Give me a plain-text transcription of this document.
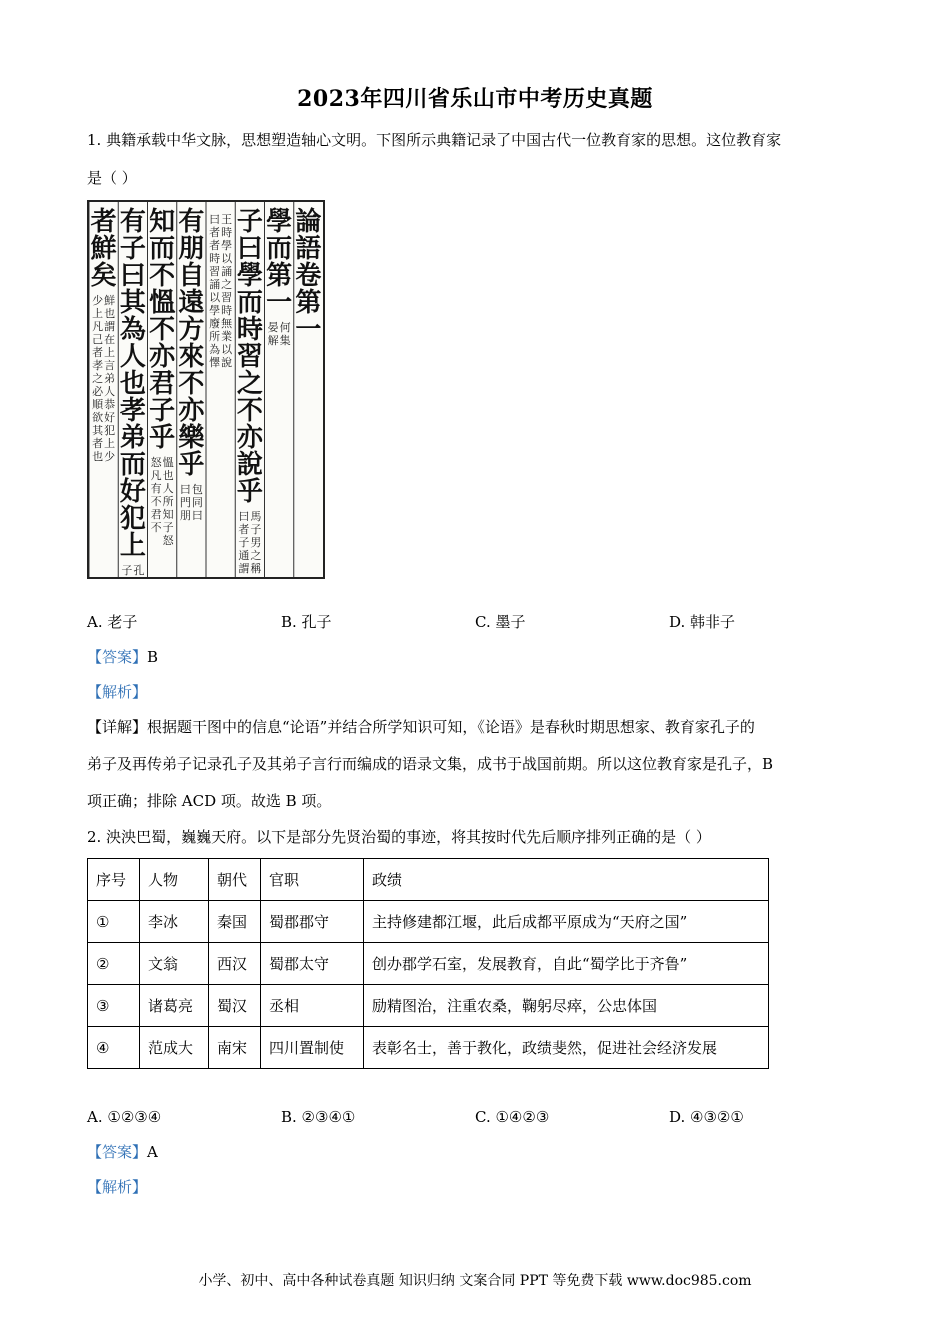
2023年四川省乐山市中考历史真题
1. 典籍承载中华文脉，思想塑造轴心文明。下图所示典籍记录了中国古代一位教育家的思想。这位教育家
是（ ）
論
語
卷
第
一
學
而
第
一
何
晏
集
解
子
曰
學
而
時
習
之
不
亦
說
乎
馬
曰
子
者
男
子
之
通
稱
謂
王
曰
時
者
學
者
以
時
誦
習
之
誦
習
以
時
學
無
廢
業
所
以
為
說
懌
有
朋
自
遠
方
來
不
亦
樂
乎
包
曰
同
門
曰
朋
知
而
不
慍
不
亦
君
子
乎
慍
怒
也
凡
人
有
所
不
知
君
子
不
怒
有
子
曰
其
為
人
也
孝
弟
而
好
犯
上
孔
子
者
鮮
矣
鮮
少
也
上
謂
凡
在
己
上
者
言
孝
弟
之
人
必
恭
順
好
欲
犯
其
上
者
少
也
A. 老子	B. 孔子	C. 墨子	D. 韩非子
【答案】B
【解析】
【详解】根据题干图中的信息“论语”并结合所学知识可知，《论语》是春秋时期思想家、教育家孔子的
弟子及再传弟子记录孔子及其弟子言行而编成的语录文集，成书于战国前期。所以这位教育家是孔子，B
项正确；排除 ACD 项。故选 B 项。
2. 泱泱巴蜀，巍巍天府。以下是部分先贤治蜀的事迹，将其按时代先后顺序排列正确的是（ ）
序号	人物	朝代	官职	政绩
①	李冰	秦国	蜀郡郡守	主持修建都江堰，此后成都平原成为“天府之国”
②	文翁	西汉	蜀郡太守	创办郡学石室，发展教育，自此“蜀学比于齐鲁”
③	诸葛亮	蜀汉	丞相	励精图治，注重农桑，鞠躬尽瘁，公忠体国
④	范成大	南宋	四川置制使	表彰名士，善于教化，政绩斐然，促进社会经济发展
A. ①②③④	B. ②③④①	C. ①④②③	D. ④③②①
【答案】A
【解析】
小学、初中、高中各种试卷真题 知识归纳 文案合同 PPT 等免费下载 www.doc985.com
